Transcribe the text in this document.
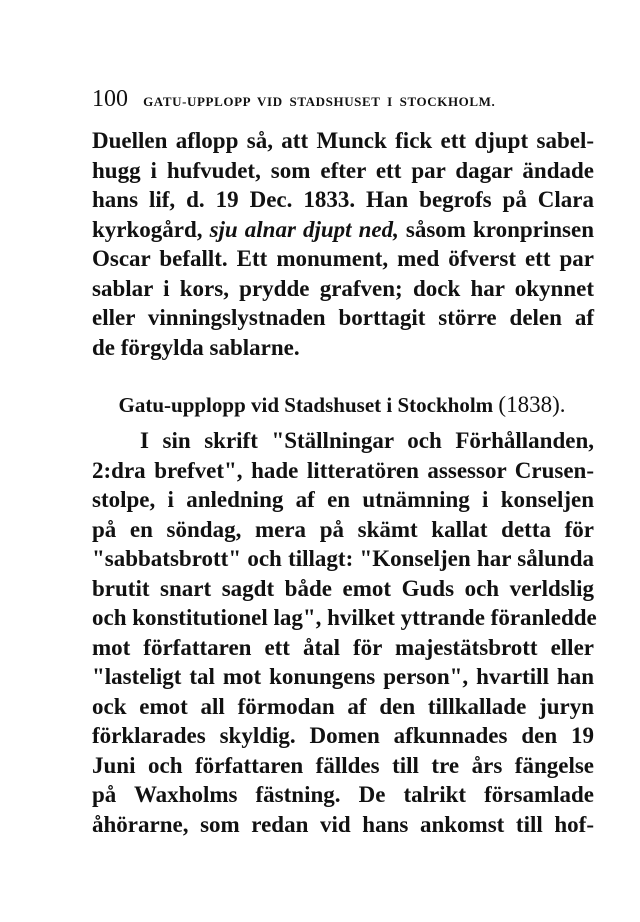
100 GATU-UPPLOPP VID STADSHUSET I STOCKHOLM.
Duellen aflopp så, att Munck fick ett djupt sabel-
hugg i hufvudet, som efter ett par dagar ändade
hans lif, d. 19 Dec. 1833. Han begrofs på Clara
kyrkogård, sju alnar djupt ned, såsom kronprinsen
Oscar befallt. Ett monument, med öfverst ett par
sablar i kors, prydde grafven; dock har okynnet
eller vinningslystnaden borttagit större delen af
de förgylda sablarne.
Gatu-upplopp vid Stadshuset i Stockholm (1838).
I sin skrift "Ställningar och Förhållanden,
2:dra brefvet", hade litteratören assessor Crusen-
stolpe, i anledning af en utnämning i konseljen
på en söndag, mera på skämt kallat detta för
"sabbatsbrott" och tillagt: "Konseljen har sålunda
brutit snart sagdt både emot Guds och verldslig
och konstitutionel lag", hvilket yttrande föranledde
mot författaren ett åtal för majestätsbrott eller
"lasteligt tal mot konungens person", hvartill han
ock emot all förmodan af den tillkallade juryn
förklarades skyldig. Domen afkunnades den 19
Juni och författaren fälldes till tre års fängelse
på Waxholms fästning. De talrikt församlade
åhörarne, som redan vid hans ankomst till hof-
